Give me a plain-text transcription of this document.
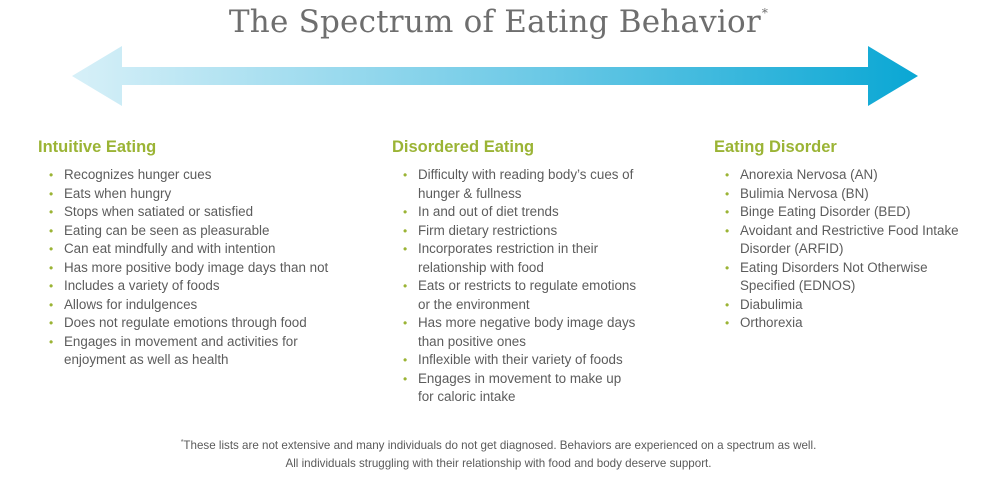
The Spectrum of Eating Behavior*
Intuitive Eating
• Recognizes hunger cues
• Eats when hungry
• Stops when satiated or satisfied
• Eating can be seen as pleasurable
• Can eat mindfully and with intention
• Has more positive body image days than not
• Includes a variety of foods
• Allows for indulgences
• Does not regulate emotions through food
• Engages in movement and activities for
enjoyment as well as health
Disordered Eating
• Difficulty with reading body’s cues of
hunger & fullness
• In and out of diet trends
• Firm dietary restrictions
• Incorporates restriction in their
relationship with food
• Eats or restricts to regulate emotions
or the environment
• Has more negative body image days
than positive ones
• Inflexible with their variety of foods
• Engages in movement to make up
for caloric intake
Eating Disorder
• Anorexia Nervosa (AN)
• Bulimia Nervosa (BN)
• Binge Eating Disorder (BED)
• Avoidant and Restrictive Food Intake
Disorder (ARFID)
• Eating Disorders Not Otherwise
Specified (EDNOS)
• Diabulimia
• Orthorexia
*These lists are not extensive and many individuals do not get diagnosed. Behaviors are experienced on a spectrum as well.
All individuals struggling with their relationship with food and body deserve support.
